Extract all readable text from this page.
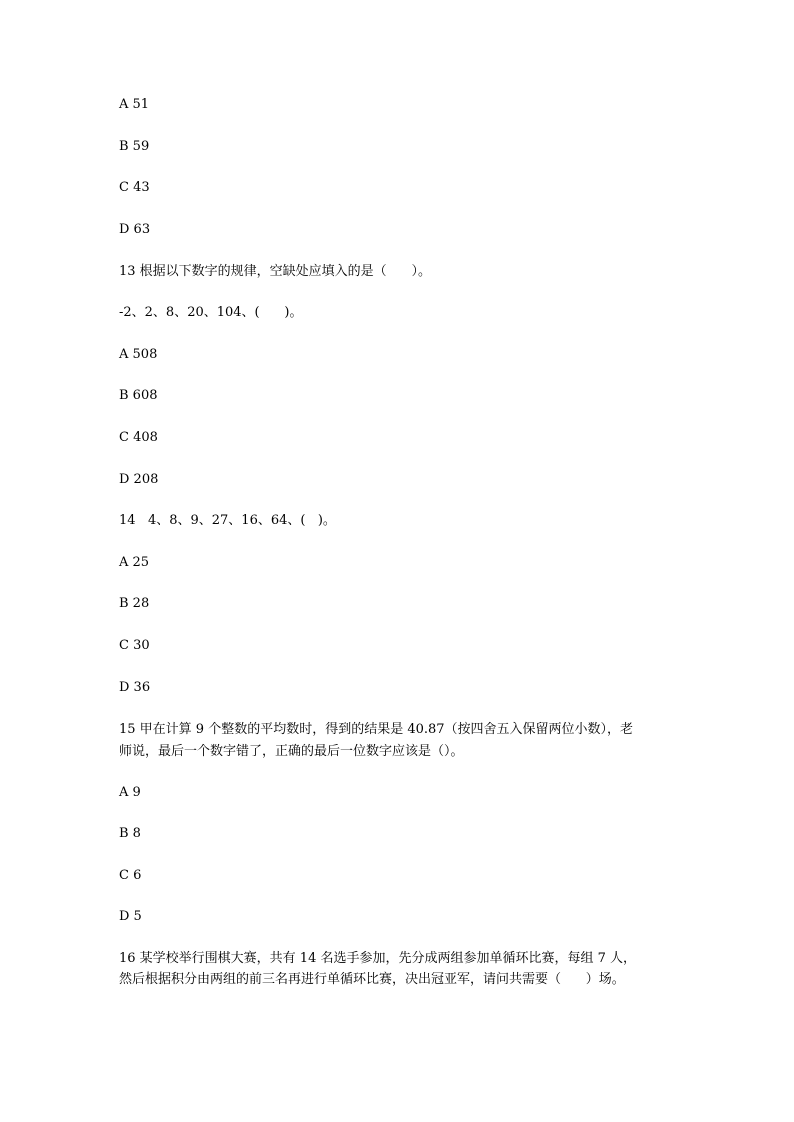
A 51
B 59
C 43
D 63
13 根据以下数字的规律，空缺处应填入的是（      ）。
-2、2、8、20、104、(      )。
A 508
B 608
C 408
D 208
14   4、8、9、27、16、64、(   )。
A 25
B 28
C 30
D 36
15 甲在计算 9 个整数的平均数时，得到的结果是 40.87（按四舍五入保留两位小数），老
师说，最后一个数字错了，正确的最后一位数字应该是（）。
A 9
B 8
C 6
D 5
16 某学校举行围棋大赛，共有 14 名选手参加，先分成两组参加单循环比赛，每组 7 人，
然后根据积分由两组的前三名再进行单循环比赛，决出冠亚军，请问共需要（      ）场。
